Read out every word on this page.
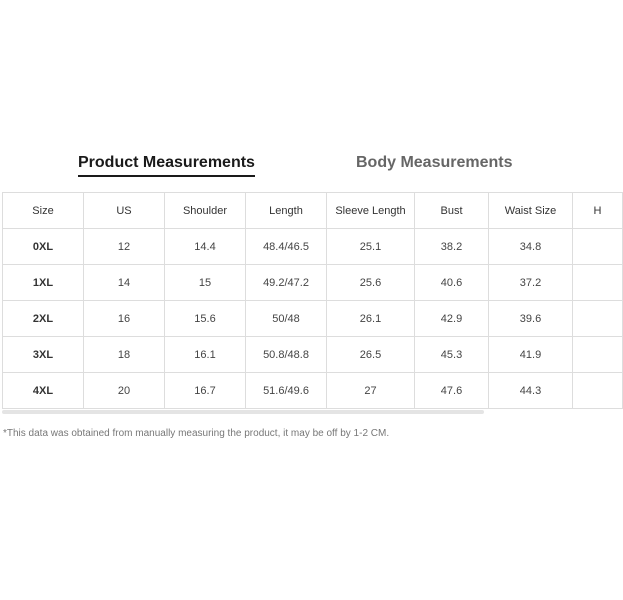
Product Measurements	Body Measurements
Size	US	Shoulder	Length	Sleeve Length	Bust	Waist Size	H
0XL	12	14.4	48.4/46.5	25.1	38.2	34.8	
1XL	14	15	49.2/47.2	25.6	40.6	37.2	
2XL	16	15.6	50/48	26.1	42.9	39.6	
3XL	18	16.1	50.8/48.8	26.5	45.3	41.9	
4XL	20	16.7	51.6/49.6	27	47.6	44.3	
*This data was obtained from manually measuring the product, it may be off by 1-2 CM.
